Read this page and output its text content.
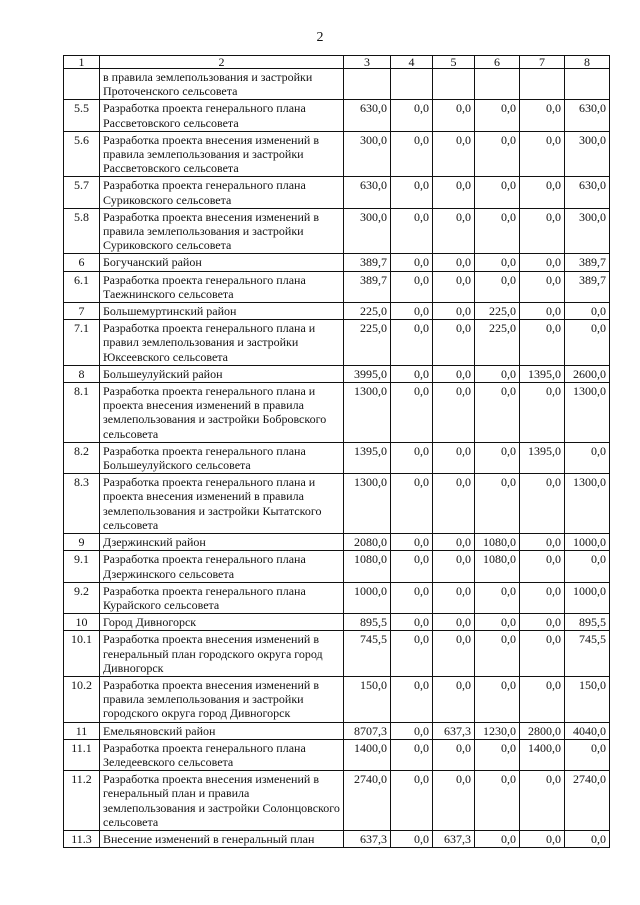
2
1	2	3	4	5	6	7	8
	в правила землепользования и застройки Проточенского сельсовета						
5.5	Разработка проекта генерального плана Рассветовского сельсовета	630,0	0,0	0,0	0,0	0,0	630,0
5.6	Разработка проекта внесения изменений в правила землепользования и застройки Рассветовского сельсовета	300,0	0,0	0,0	0,0	0,0	300,0
5.7	Разработка проекта генерального плана Суриковского сельсовета	630,0	0,0	0,0	0,0	0,0	630,0
5.8	Разработка проекта внесения изменений в правила землепользования и застройки Суриковского сельсовета	300,0	0,0	0,0	0,0	0,0	300,0
6	Богучанский район	389,7	0,0	0,0	0,0	0,0	389,7
6.1	Разработка проекта генерального плана Таежнинского сельсовета	389,7	0,0	0,0	0,0	0,0	389,7
7	Большемуртинский район	225,0	0,0	0,0	225,0	0,0	0,0
7.1	Разработка проекта генерального плана и правил землепользования и застройки Юксеевского сельсовета	225,0	0,0	0,0	225,0	0,0	0,0
8	Большеулуйский район	3995,0	0,0	0,0	0,0	1395,0	2600,0
8.1	Разработка проекта генерального плана и проекта внесения изменений в правила землепользования и застройки Бобровского сельсовета	1300,0	0,0	0,0	0,0	0,0	1300,0
8.2	Разработка проекта генерального плана Большеулуйского сельсовета	1395,0	0,0	0,0	0,0	1395,0	0,0
8.3	Разработка проекта генерального плана и проекта внесения изменений в правила землепользования и застройки Кытатского сельсовета	1300,0	0,0	0,0	0,0	0,0	1300,0
9	Дзержинский район	2080,0	0,0	0,0	1080,0	0,0	1000,0
9.1	Разработка проекта генерального плана Дзержинского сельсовета	1080,0	0,0	0,0	1080,0	0,0	0,0
9.2	Разработка проекта генерального плана Курайского сельсовета	1000,0	0,0	0,0	0,0	0,0	1000,0
10	Город Дивногорск	895,5	0,0	0,0	0,0	0,0	895,5
10.1	Разработка проекта внесения изменений в генеральный план городского округа город Дивногорск	745,5	0,0	0,0	0,0	0,0	745,5
10.2	Разработка проекта внесения изменений в правила землепользования и застройки городского округа город Дивногорск	150,0	0,0	0,0	0,0	0,0	150,0
11	Емельяновский район	8707,3	0,0	637,3	1230,0	2800,0	4040,0
11.1	Разработка проекта генерального плана Зеледеевского сельсовета	1400,0	0,0	0,0	0,0	1400,0	0,0
11.2	Разработка проекта внесения изменений в генеральный план и правила землепользования и застройки Солонцовского сельсовета	2740,0	0,0	0,0	0,0	0,0	2740,0
11.3	Внесение изменений в генеральный план	637,3	0,0	637,3	0,0	0,0	0,0
